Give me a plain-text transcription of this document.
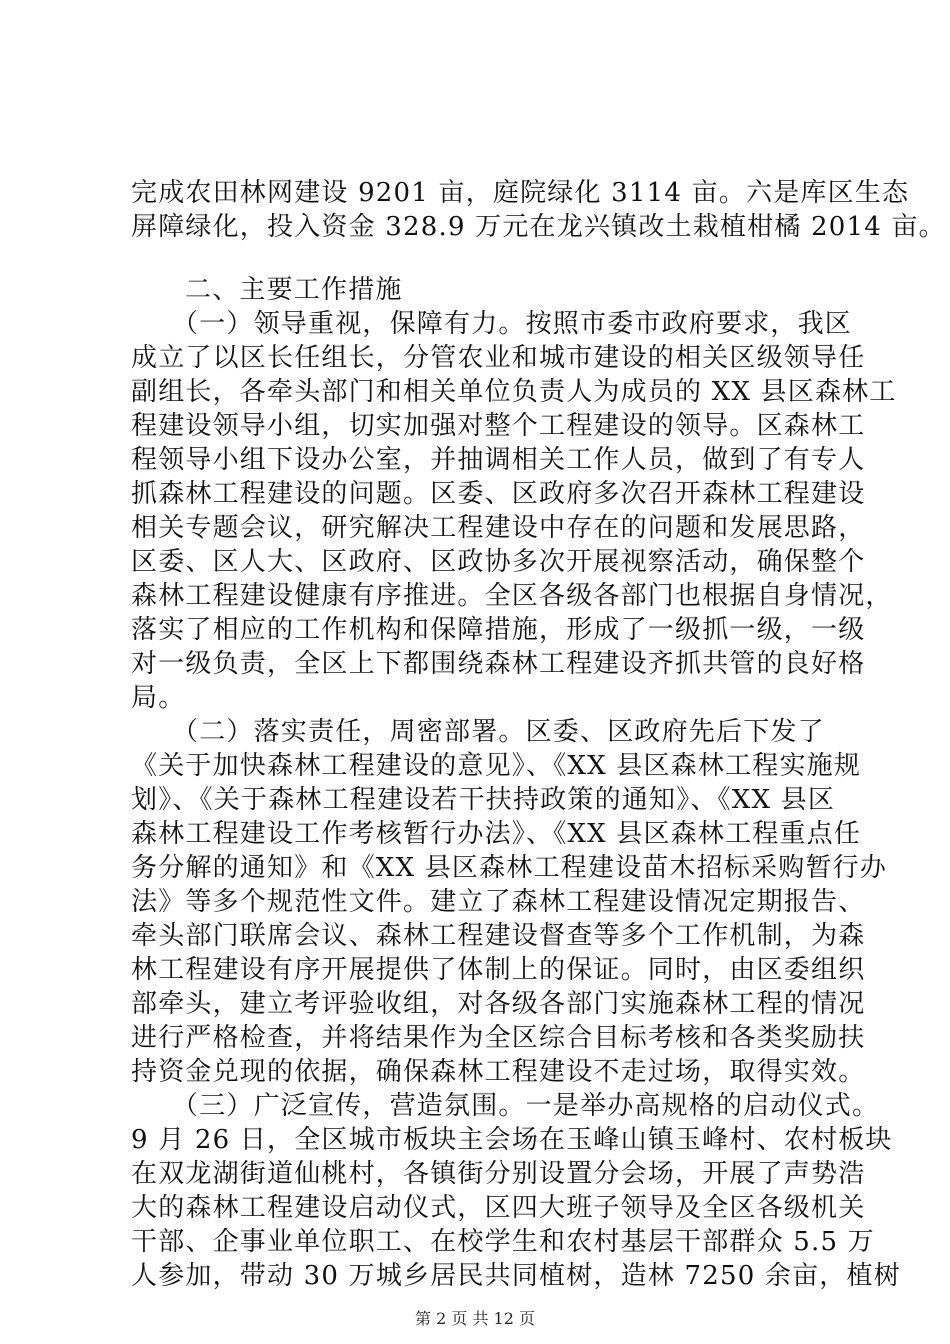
完成农田林网建设 9201 亩，庭院绿化 3114 亩。六是库区生态
屏障绿化，投入资金 328.9 万元在龙兴镇改土栽植柑橘 2014 亩。
二、主要工作措施
（一）领导重视，保障有力。按照市委市政府要求，我区
成立了以区长任组长，分管农业和城市建设的相关区级领导任
副组长，各牵头部门和相关单位负责人为成员的 XX 县区森林工
程建设领导小组，切实加强对整个工程建设的领导。区森林工
程领导小组下设办公室，并抽调相关工作人员，做到了有专人
抓森林工程建设的问题。区委、区政府多次召开森林工程建设
相关专题会议，研究解决工程建设中存在的问题和发展思路，
区委、区人大、区政府、区政协多次开展视察活动，确保整个
森林工程建设健康有序推进。全区各级各部门也根据自身情况，
落实了相应的工作机构和保障措施，形成了一级抓一级，一级
对一级负责，全区上下都围绕森林工程建设齐抓共管的良好格
局。
（二）落实责任，周密部署。区委、区政府先后下发了
《关于加快森林工程建设的意见》、《XX 县区森林工程实施规
划》、《关于森林工程建设若干扶持政策的通知》、《XX 县区
森林工程建设工作考核暂行办法》、《XX 县区森林工程重点任
务分解的通知》和《XX 县区森林工程建设苗木招标采购暂行办
法》等多个规范性文件。建立了森林工程建设情况定期报告、
牵头部门联席会议、森林工程建设督查等多个工作机制，为森
林工程建设有序开展提供了体制上的保证。同时，由区委组织
部牵头，建立考评验收组，对各级各部门实施森林工程的情况
进行严格检查，并将结果作为全区综合目标考核和各类奖励扶
持资金兑现的依据，确保森林工程建设不走过场，取得实效。
（三）广泛宣传，营造氛围。一是举办高规格的启动仪式。
9 月 26 日，全区城市板块主会场在玉峰山镇玉峰村、农村板块
在双龙湖街道仙桃村，各镇街分别设置分会场，开展了声势浩
大的森林工程建设启动仪式，区四大班子领导及全区各级机关
干部、企事业单位职工、在校学生和农村基层干部群众 5.5 万
人参加，带动 30 万城乡居民共同植树，造林 7250 余亩，植树
第 2 页 共 12 页
